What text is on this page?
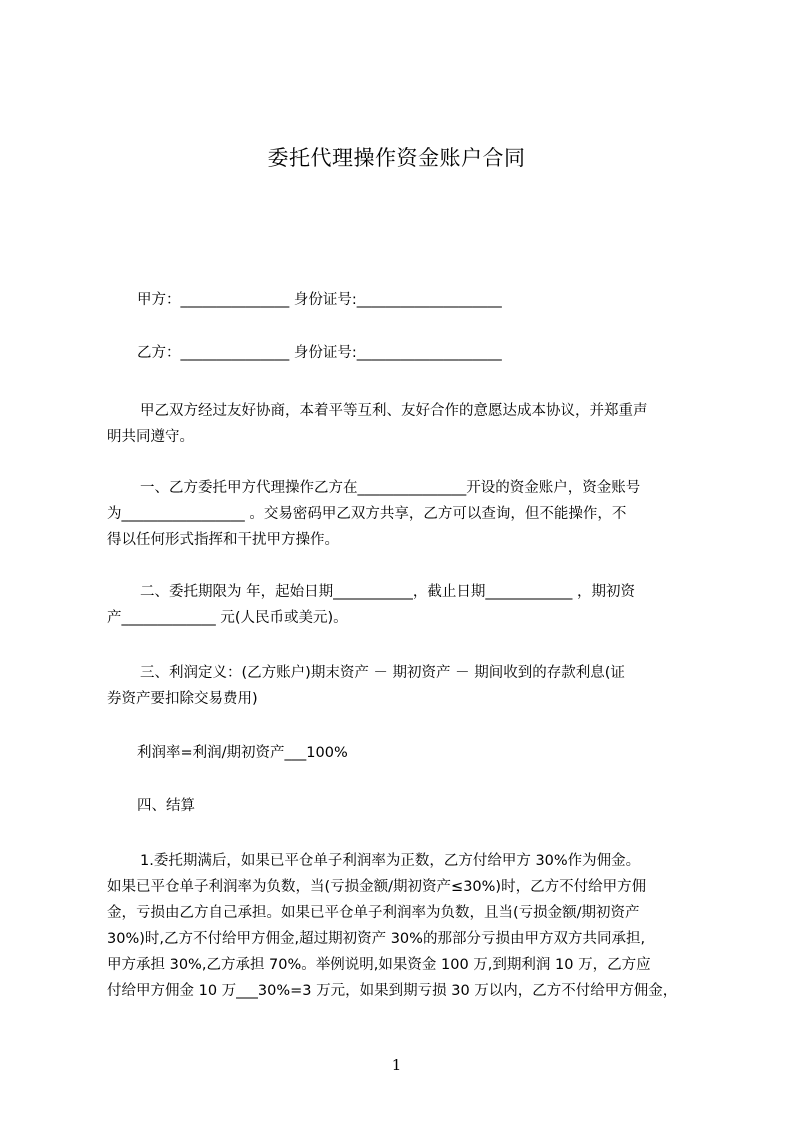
委托代理操作资金账户合同
甲方：_______________ 身份证号:____________________
乙方：_______________ 身份证号:____________________
甲乙双方经过友好协商，本着平等互利、友好合作的意愿达成本协议，并郑重声
明共同遵守。
一、乙方委托甲方代理操作乙方在_______________开设的资金账户，资金账号
为_________________ 。交易密码甲乙双方共享，乙方可以查询，但不能操作，不
得以任何形式指挥和干扰甲方操作。
二、委托期限为 年，起始日期___________，截止日期____________ ，期初资
产_____________ 元(人民币或美元)。
三、利润定义：(乙方账户)期末资产 － 期初资产 － 期间收到的存款利息(证
券资产要扣除交易费用)
利润率=利润/期初资产___100%
四、结算
1.委托期满后，如果已平仓单子利润率为正数，乙方付给甲方 30%作为佣金。
如果已平仓单子利润率为负数，当(亏损金额/期初资产≤30%)时，乙方不付给甲方佣
金，亏损由乙方自己承担。如果已平仓单子利润率为负数，且当(亏损金额/期初资产
30%)时,乙方不付给甲方佣金,超过期初资产 30%的那部分亏损由甲方双方共同承担,
甲方承担 30%,乙方承担 70%。举例说明,如果资金 100 万,到期利润 10 万，乙方应
付给甲方佣金 10 万___30%=3 万元，如果到期亏损 30 万以内，乙方不付给甲方佣金，
1
